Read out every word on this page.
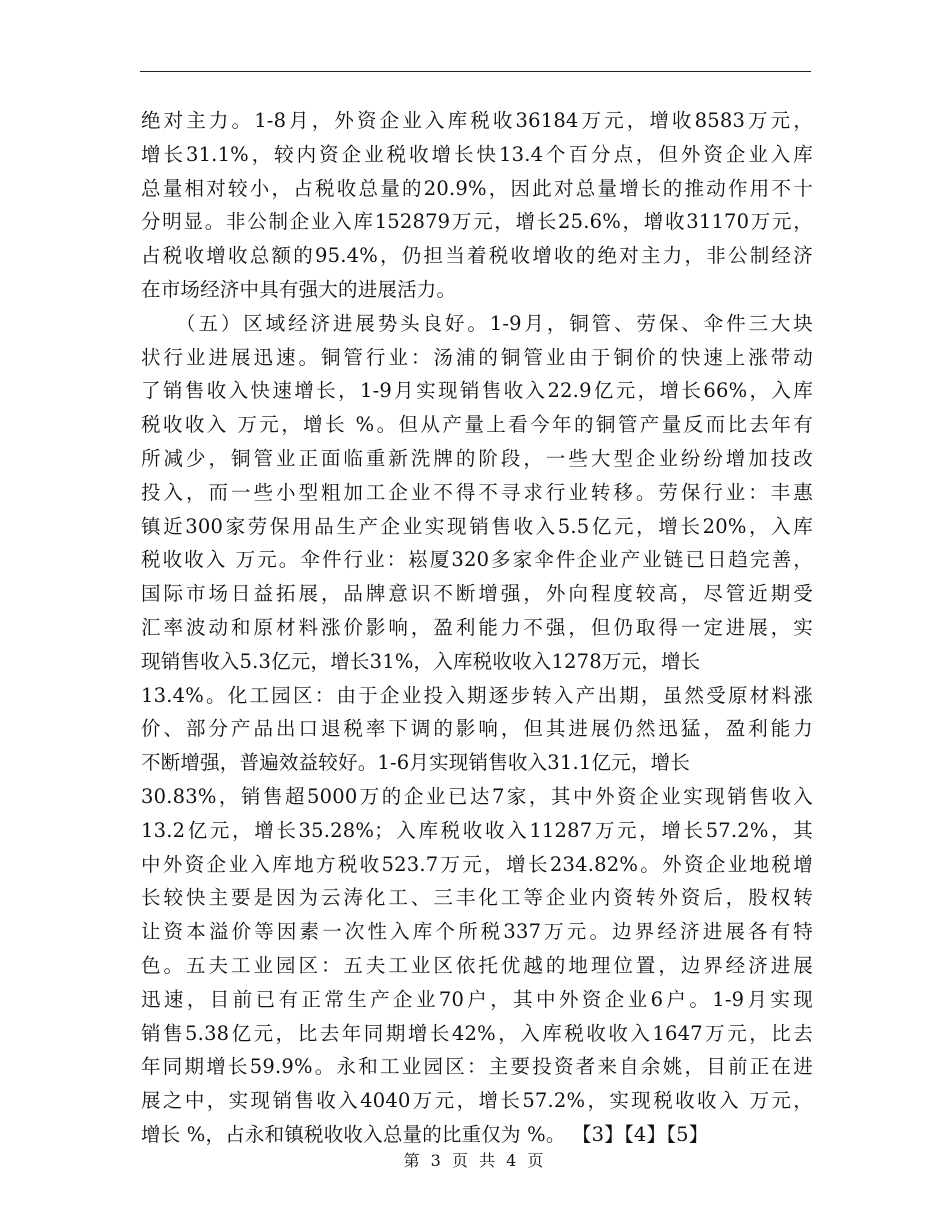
绝对主力。1-8月，外资企业入库税收36184万元，增收8583万元，
增长31.1%，较内资企业税收增长快13.4个百分点，但外资企业入库
总量相对较小，占税收总量的20.9%，因此对总量增长的推动作用不十
分明显。非公制企业入库152879万元，增长25.6%，增收31170万元，
占税收增收总额的95.4%，仍担当着税收增收的绝对主力，非公制经济
在市场经济中具有强大的进展活力。
　　（五）区域经济进展势头良好。1-9月，铜管、劳保、伞件三大块
状行业进展迅速。铜管行业：汤浦的铜管业由于铜价的快速上涨带动
了销售收入快速增长，1-9月实现销售收入22.9亿元，增长66%，入库
税收收入 万元，增长 %。但从产量上看今年的铜管产量反而比去年有
所减少，铜管业正面临重新洗牌的阶段，一些大型企业纷纷增加技改
投入，而一些小型粗加工企业不得不寻求行业转移。劳保行业：丰惠
镇近300家劳保用品生产企业实现销售收入5.5亿元，增长20%，入库
税收收入 万元。伞件行业：崧厦320多家伞件企业产业链已日趋完善，
国际市场日益拓展，品牌意识不断增强，外向程度较高，尽管近期受
汇率波动和原材料涨价影响，盈利能力不强，但仍取得一定进展，实
现销售收入5.3亿元，增长31%，入库税收收入1278万元，增长
13.4%。化工园区：由于企业投入期逐步转入产出期，虽然受原材料涨
价、部分产品出口退税率下调的影响，但其进展仍然迅猛，盈利能力
不断增强，普遍效益较好。1-6月实现销售收入31.1亿元，增长
30.83%，销售超5000万的企业已达7家，其中外资企业实现销售收入
13.2亿元，增长35.28%；入库税收收入11287万元，增长57.2%，其
中外资企业入库地方税收523.7万元，增长234.82%。外资企业地税增
长较快主要是因为云涛化工、三丰化工等企业内资转外资后，股权转
让资本溢价等因素一次性入库个所税337万元。边界经济进展各有特
色。五夫工业园区：五夫工业区依托优越的地理位置，边界经济进展
迅速，目前已有正常生产企业70户，其中外资企业6户。1-9月实现
销售5.38亿元，比去年同期增长42%，入库税收收入1647万元，比去
年同期增长59.9%。永和工业园区：主要投资者来自余姚，目前正在进
展之中，实现销售收入4040万元，增长57.2%，实现税收收入 万元，
增长 %，占永和镇税收收入总量的比重仅为 %。 【3】【4】【5】
第 3 页 共 4 页
